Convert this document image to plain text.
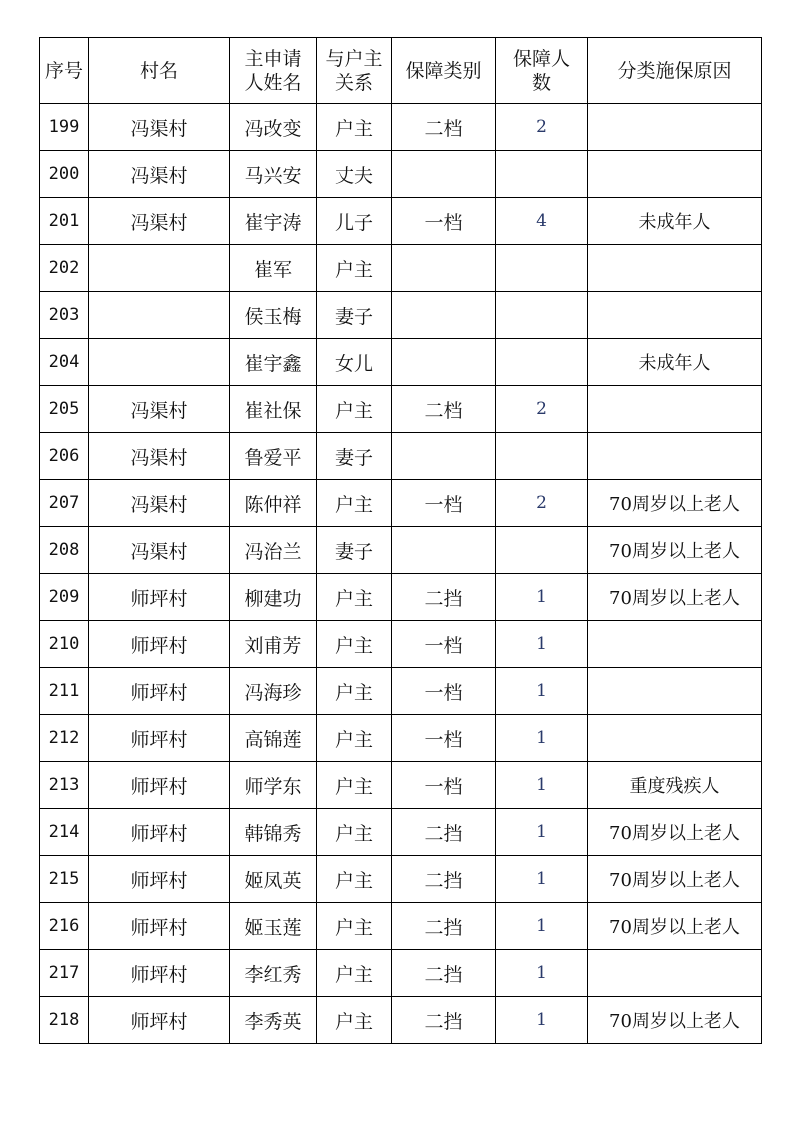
序号	村名	主申请人姓名	与户主关系	保障类别	保障人数	分类施保原因
199	冯渠村	冯改变	户主	二档	2	
200	冯渠村	马兴安	丈夫			
201	冯渠村	崔宇涛	儿子	一档	4	未成年人
202		崔军	户主			
203		侯玉梅	妻子			
204		崔宇鑫	女儿			未成年人
205	冯渠村	崔社保	户主	二档	2	
206	冯渠村	鲁爱平	妻子			
207	冯渠村	陈仲祥	户主	一档	2	70周岁以上老人
208	冯渠村	冯治兰	妻子			70周岁以上老人
209	师坪村	柳建功	户主	二挡	1	70周岁以上老人
210	师坪村	刘甫芳	户主	一档	1	
211	师坪村	冯海珍	户主	一档	1	
212	师坪村	高锦莲	户主	一档	1	
213	师坪村	师学东	户主	一档	1	重度残疾人
214	师坪村	韩锦秀	户主	二挡	1	70周岁以上老人
215	师坪村	姬凤英	户主	二挡	1	70周岁以上老人
216	师坪村	姬玉莲	户主	二挡	1	70周岁以上老人
217	师坪村	李红秀	户主	二挡	1	
218	师坪村	李秀英	户主	二挡	1	70周岁以上老人
